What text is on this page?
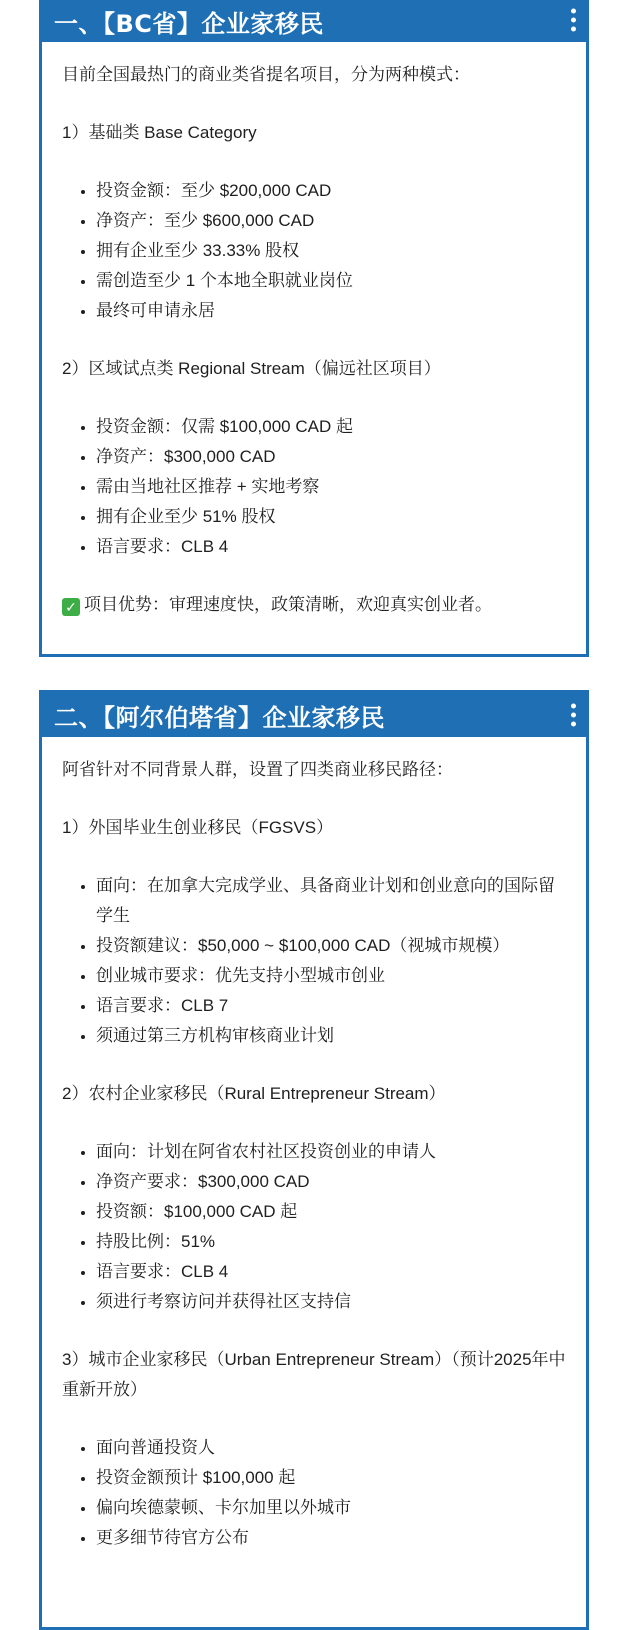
一、【BC省】企业家移民

目前全国最热门的商业类省提名项目，分为两种模式：

1）基础类 Base Category

• 投资金额：至少 $200,000 CAD
• 净资产：至少 $600,000 CAD
• 拥有企业至少 33.33% 股权
• 需创造至少 1 个本地全职就业岗位
• 最终可申请永居

2）区域试点类 Regional Stream（偏远社区项目）

• 投资金额：仅需 $100,000 CAD 起
• 净资产：$300,000 CAD
• 需由当地社区推荐 + 实地考察
• 拥有企业至少 51% 股权
• 语言要求：CLB 4

✓ 项目优势：审理速度快，政策清晰，欢迎真实创业者。

二、【阿尔伯塔省】企业家移民

阿省针对不同背景人群，设置了四类商业移民路径：

1）外国毕业生创业移民（FGSVS）

• 面向：在加拿大完成学业、具备商业计划和创业意向的国际留学生
• 投资额建议：$50,000 ~ $100,000 CAD（视城市规模）
• 创业城市要求：优先支持小型城市创业
• 语言要求：CLB 7
• 须通过第三方机构审核商业计划

2）农村企业家移民（Rural Entrepreneur Stream）

• 面向：计划在阿省农村社区投资创业的申请人
• 净资产要求：$300,000 CAD
• 投资额：$100,000 CAD 起
• 持股比例：51%
• 语言要求：CLB 4
• 须进行考察访问并获得社区支持信

3）城市企业家移民（Urban Entrepreneur Stream）（预计2025年中重新开放）

• 面向普通投资人
• 投资金额预计 $100,000 起
• 偏向埃德蒙顿、卡尔加里以外城市
• 更多细节待官方公布
